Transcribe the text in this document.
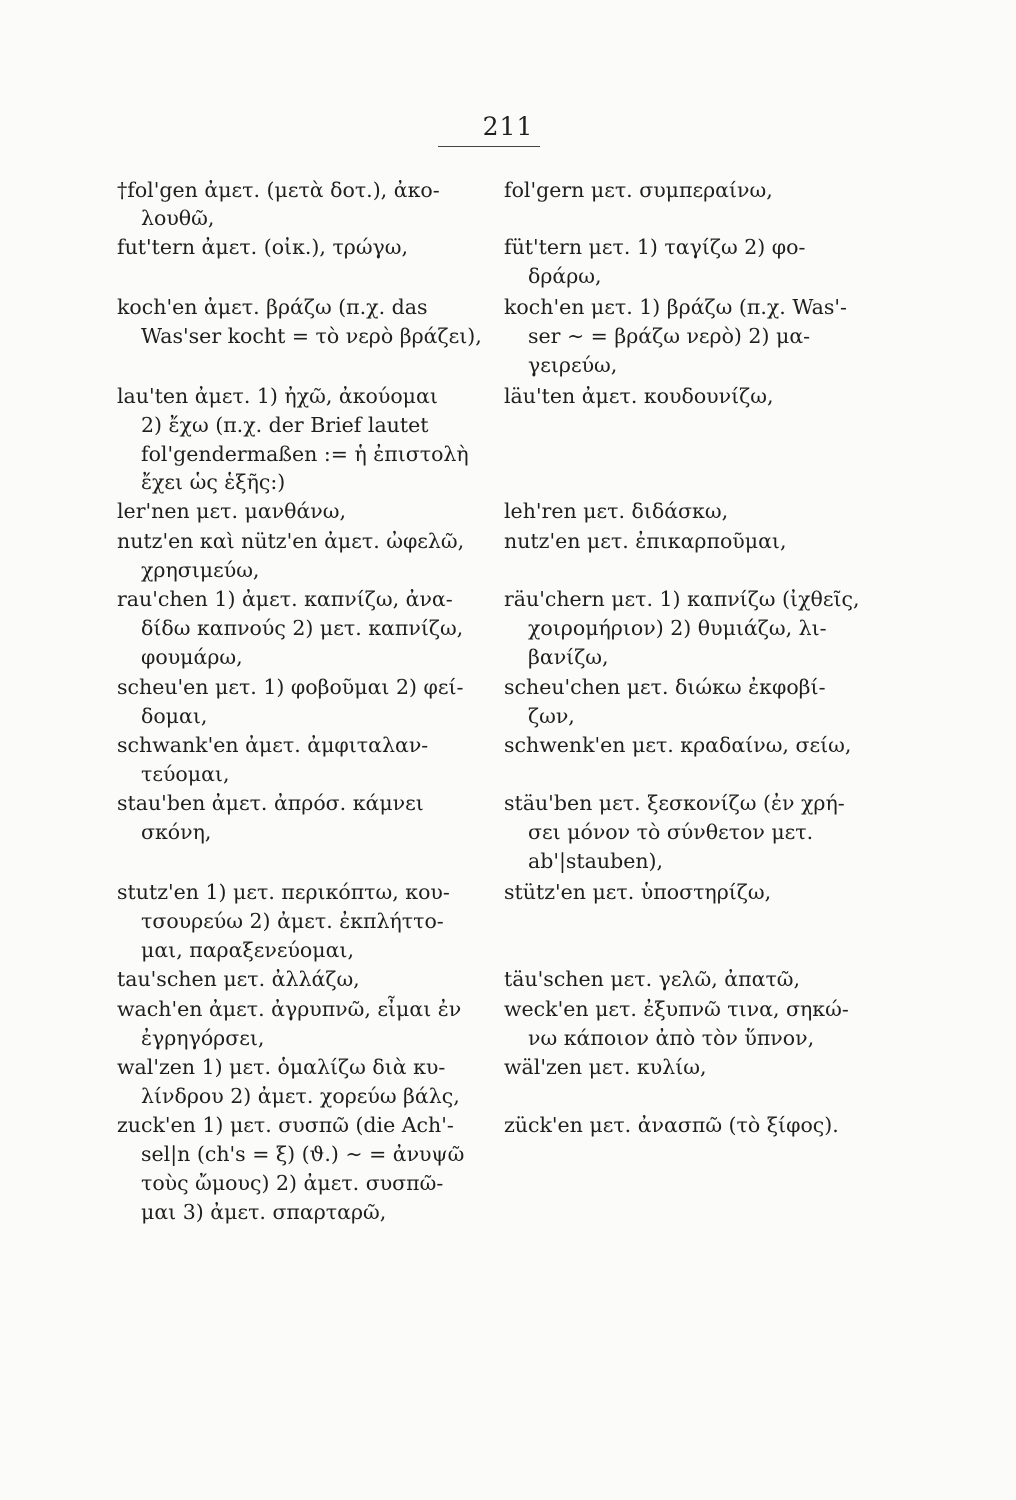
211
†fol'gen ἀμετ. (μετὰ δοτ.), ἀκο-
λουθῶ,
fut'tern ἀμετ. (οἰκ.), τρώγω,
koch'en ἀμετ. βράζω (π.χ. das
Was'ser kocht = τὸ νερὸ βράζει),
lau'ten ἀμετ. 1) ἠχῶ, ἀκούομαι
2) ἔχω (π.χ. der Brief lautet
fol'gendermaßen := ἡ ἐπιστολὴ
ἔχει ὡς ἑξῆς:)
ler'nen μετ. μανθάνω,
nutz'en καὶ nütz'en ἀμετ. ὠφελῶ,
χρησιμεύω,
rau'chen 1) ἀμετ. καπνίζω, ἀνα-
δίδω καπνούς 2) μετ. καπνίζω,
φουμάρω,
scheu'en μετ. 1) φοβοῦμαι 2) φεί-
δομαι,
schwank'en ἀμετ. ἀμφιταλαν-
τεύομαι,
stau'ben ἀμετ. ἀπρόσ. κάμνει
σκόνη,
stutz'en 1) μετ. περικόπτω, κου-
τσουρεύω 2) ἀμετ. ἐκπλήττο-
μαι, παραξενεύομαι,
tau'schen μετ. ἀλλάζω,
wach'en ἀμετ. ἀγρυπνῶ, εἶμαι ἐν
ἐγρηγόρσει,
wal'zen 1) μετ. ὁμαλίζω διὰ κυ-
λίνδρου 2) ἀμετ. χορεύω βάλς,
zuck'en 1) μετ. συσπῶ (die Ach'-
sel|n (ch's = ξ) (ϑ.) ∼ = ἀνυψῶ
τοὺς ὤμους) 2) ἀμετ. συσπῶ-
μαι 3) ἀμετ. σπαρταρῶ,
fol'gern μετ. συμπεραίνω,
füt'tern μετ. 1) ταγίζω 2) φο-
δράρω,
koch'en μετ. 1) βράζω (π.χ. Was'-
ser ∼ = βράζω νερὸ) 2) μα-
γειρεύω,
läu'ten ἀμετ. κουδουνίζω,
leh'ren μετ. διδάσκω,
nutz'en μετ. ἐπικαρποῦμαι,
räu'chern μετ. 1) καπνίζω (ἰχθεῖς,
χοιρομήριον) 2) θυμιάζω, λι-
βανίζω,
scheu'chen μετ. διώκω ἐκφοβί-
ζων,
schwenk'en μετ. κραδαίνω, σείω,
stäu'ben μετ. ξεσκονίζω (ἐν χρή-
σει μόνον τὸ σύνθετον μετ.
ab'|stauben),
stütz'en μετ. ὑποστηρίζω,
täu'schen μετ. γελῶ, ἀπατῶ,
weck'en μετ. ἐξυπνῶ τινα, σηκώ-
νω κάποιον ἀπὸ τὸν ὕπνον,
wäl'zen μετ. κυλίω,
zück'en μετ. ἀνασπῶ (τὸ ξίφος).
